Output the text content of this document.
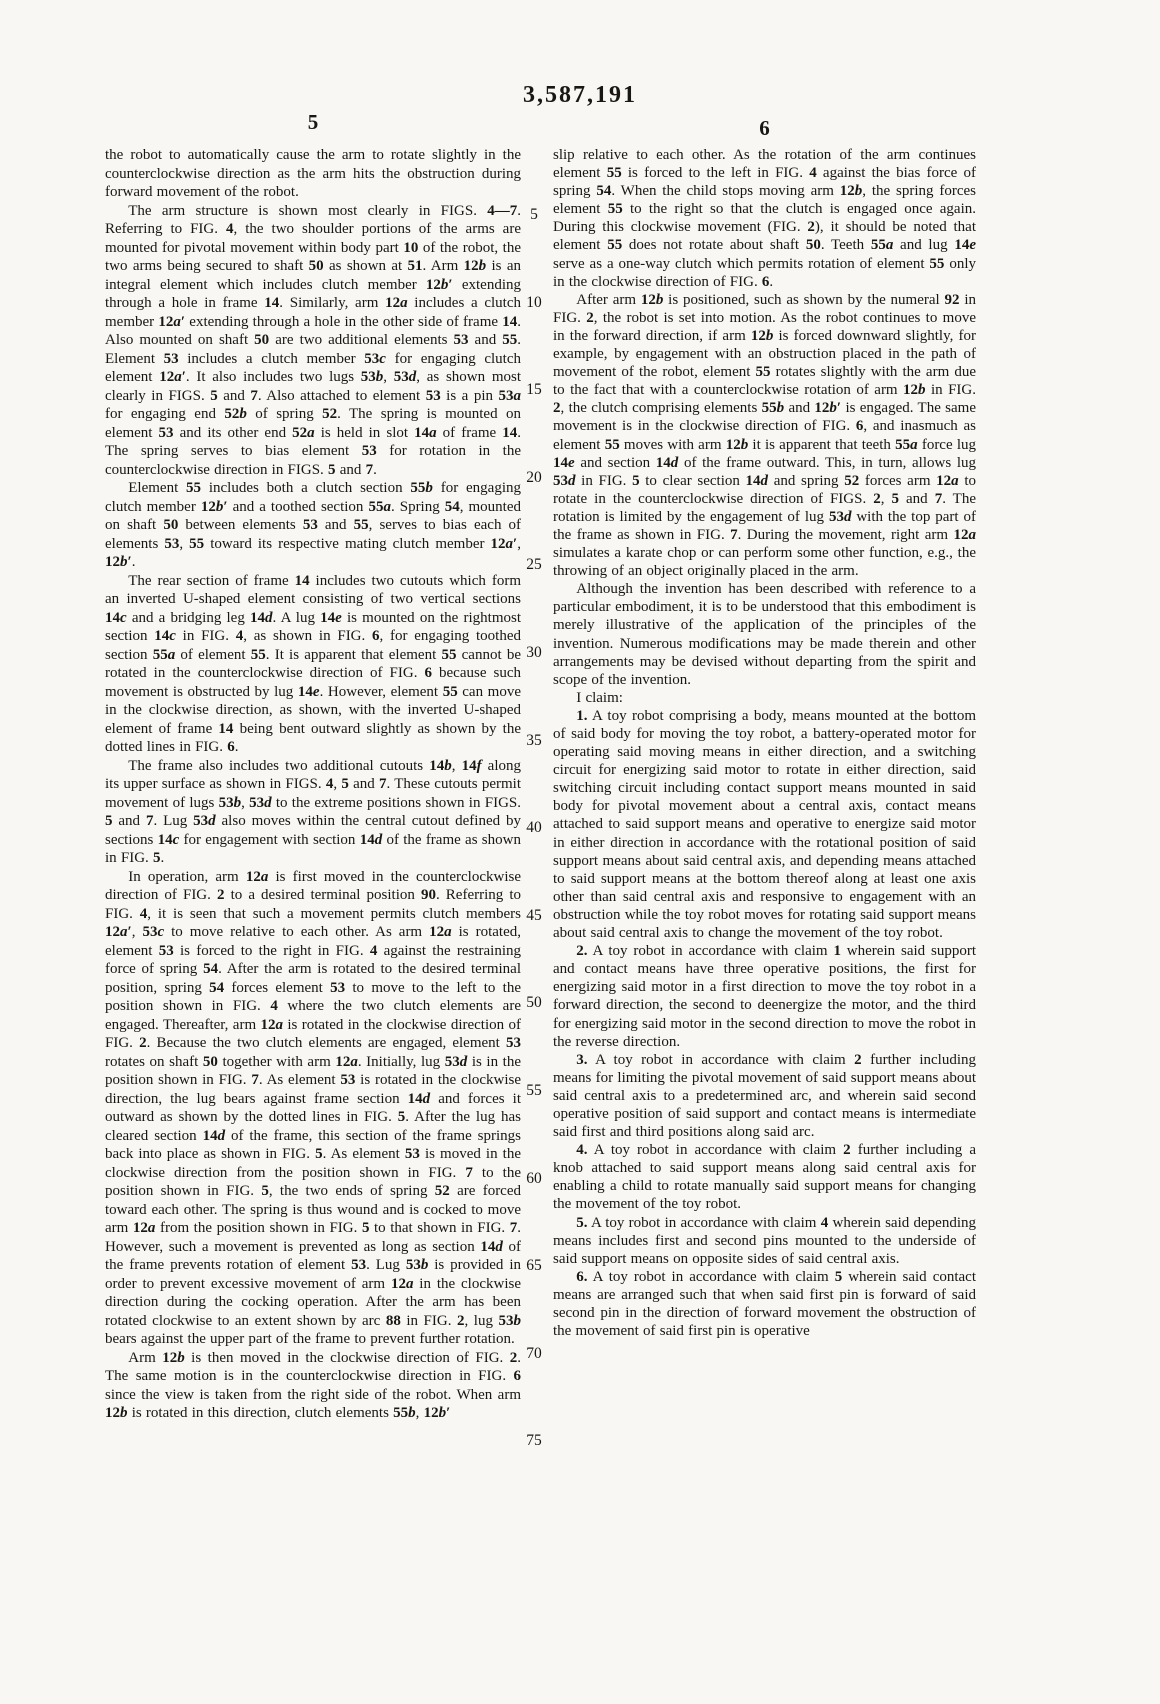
3,587,191
5

the robot to automatically cause the arm to rotate slightly in the counterclockwise direction as the arm hits the obstruction during forward movement of the robot.

The arm structure is shown most clearly in FIGS. 4—7. Referring to FIG. 4, the two shoulder portions of the arms are mounted for pivotal movement within body part 10 of the robot, the two arms being secured to shaft 50 as shown at 51. Arm 12b is an integral element which includes clutch member 12b′ extending through a hole in frame 14. Similarly, arm 12a includes a clutch member 12a′ extending through a hole in the other side of frame 14. Also mounted on shaft 50 are two additional elements 53 and 55. Element 53 includes a clutch member 53c for engaging clutch element 12a′. It also includes two lugs 53b, 53d, as shown most clearly in FIGS. 5 and 7. Also attached to element 53 is a pin 53a for engaging end 52b of spring 52. The spring is mounted on element 53 and its other end 52a is held in slot 14a of frame 14. The spring serves to bias element 53 for rotation in the counterclockwise direction in FIGS. 5 and 7.

Element 55 includes both a clutch section 55b for engaging clutch member 12b′ and a toothed section 55a. Spring 54, mounted on shaft 50 between elements 53 and 55, serves to bias each of elements 53, 55 toward its respective mating clutch member 12a′, 12b′.

The rear section of frame 14 includes two cutouts which form an inverted U-shaped element consisting of two vertical sections 14c and a bridging leg 14d. A lug 14e is mounted on the rightmost section 14c in FIG. 4, as shown in FIG. 6, for engaging toothed section 55a of element 55. It is apparent that element 55 cannot be rotated in the counterclockwise direction of FIG. 6 because such movement is obstructed by lug 14e. However, element 55 can move in the clockwise direction, as shown, with the inverted U-shaped element of frame 14 being bent outward slightly as shown by the dotted lines in FIG. 6.

The frame also includes two additional cutouts 14b, 14f along its upper surface as shown in FIGS. 4, 5 and 7. These cutouts permit movement of lugs 53b, 53d to the extreme positions shown in FIGS. 5 and 7. Lug 53d also moves within the central cutout defined by sections 14c for engagement with section 14d of the frame as shown in FIG. 5.

In operation, arm 12a is first moved in the counterclockwise direction of FIG. 2 to a desired terminal position 90. Referring to FIG. 4, it is seen that such a movement permits clutch members 12a′, 53c to move relative to each other. As arm 12a is rotated, element 53 is forced to the right in FIG. 4 against the restraining force of spring 54. After the arm is rotated to the desired terminal position, spring 54 forces element 53 to move to the left to the position shown in FIG. 4 where the two clutch elements are engaged. Thereafter, arm 12a is rotated in the clockwise direction of FIG. 2. Because the two clutch elements are engaged, element 53 rotates on shaft 50 together with arm 12a. Initially, lug 53d is in the position shown in FIG. 7. As element 53 is rotated in the clockwise direction, the lug bears against frame section 14d and forces it outward as shown by the dotted lines in FIG. 5. After the lug has cleared section 14d of the frame, this section of the frame springs back into place as shown in FIG. 5. As element 53 is moved in the clockwise direction from the position shown in FIG. 7 to the position shown in FIG. 5, the two ends of spring 52 are forced toward each other. The spring is thus wound and is cocked to move arm 12a from the position shown in FIG. 5 to that shown in FIG. 7. However, such a movement is prevented as long as section 14d of the frame prevents rotation of element 53. Lug 53b is provided in order to prevent excessive movement of arm 12a in the clockwise direction during the cocking operation. After the arm has been rotated clockwise to an extent shown by arc 88 in FIG. 2, lug 53b bears against the upper part of the frame to prevent further rotation.

Arm 12b is then moved in the clockwise direction of FIG. 2. The same motion is in the counterclockwise direction in FIG. 6 since the view is taken from the right side of the robot. When arm 12b is rotated in this direction, clutch elements 55b, 12b′

5
10
15
20
25
30
35
40
45
50
55
60
65
70
75
6

slip relative to each other. As the rotation of the arm continues element 55 is forced to the left in FIG. 4 against the bias force of spring 54. When the child stops moving arm 12b, the spring forces element 55 to the right so that the clutch is engaged once again. During this clockwise movement (FIG. 2), it should be noted that element 55 does not rotate about shaft 50. Teeth 55a and lug 14e serve as a one-way clutch which permits rotation of element 55 only in the clockwise direction of FIG. 6.

After arm 12b is positioned, such as shown by the numeral 92 in FIG. 2, the robot is set into motion. As the robot continues to move in the forward direction, if arm 12b is forced downward slightly, for example, by engagement with an obstruction placed in the path of movement of the robot, element 55 rotates slightly with the arm due to the fact that with a counterclockwise rotation of arm 12b in FIG. 2, the clutch comprising elements 55b and 12b′ is engaged. The same movement is in the clockwise direction of FIG. 6, and inasmuch as element 55 moves with arm 12b it is apparent that teeth 55a force lug 14e and section 14d of the frame outward. This, in turn, allows lug 53d in FIG. 5 to clear section 14d and spring 52 forces arm 12a to rotate in the counterclockwise direction of FIGS. 2, 5 and 7. The rotation is limited by the engagement of lug 53d with the top part of the frame as shown in FIG. 7. During the movement, right arm 12a simulates a karate chop or can perform some other function, e.g., the throwing of an object originally placed in the arm.

Although the invention has been described with reference to a particular embodiment, it is to be understood that this embodiment is merely illustrative of the application of the principles of the invention. Numerous modifications may be made therein and other arrangements may be devised without departing from the spirit and scope of the invention.

I claim:

1. A toy robot comprising a body, means mounted at the bottom of said body for moving the toy robot, a battery-operated motor for operating said moving means in either direction, and a switching circuit for energizing said motor to rotate in either direction, said switching circuit including contact support means mounted in said body for pivotal movement about a central axis, contact means attached to said support means and operative to energize said motor in either direction in accordance with the rotational position of said support means about said central axis, and depending means attached to said support means at the bottom thereof along at least one axis other than said central axis and responsive to engagement with an obstruction while the toy robot moves for rotating said support means about said central axis to change the movement of the toy robot.

2. A toy robot in accordance with claim 1 wherein said support and contact means have three operative positions, the first for energizing said motor in a first direction to move the toy robot in a forward direction, the second to deenergize the motor, and the third for energizing said motor in the second direction to move the robot in the reverse direction.

3. A toy robot in accordance with claim 2 further including means for limiting the pivotal movement of said support means about said central axis to a predetermined arc, and wherein said second operative position of said support and contact means is intermediate said first and third positions along said arc.

4. A toy robot in accordance with claim 2 further including a knob attached to said support means along said central axis for enabling a child to rotate manually said support means for changing the movement of the toy robot.

5. A toy robot in accordance with claim 4 wherein said depending means includes first and second pins mounted to the underside of said support means on opposite sides of said central axis.

6. A toy robot in accordance with claim 5 wherein said contact means are arranged such that when said first pin is forward of said second pin in the direction of forward movement the obstruction of the movement of said first pin is operative
